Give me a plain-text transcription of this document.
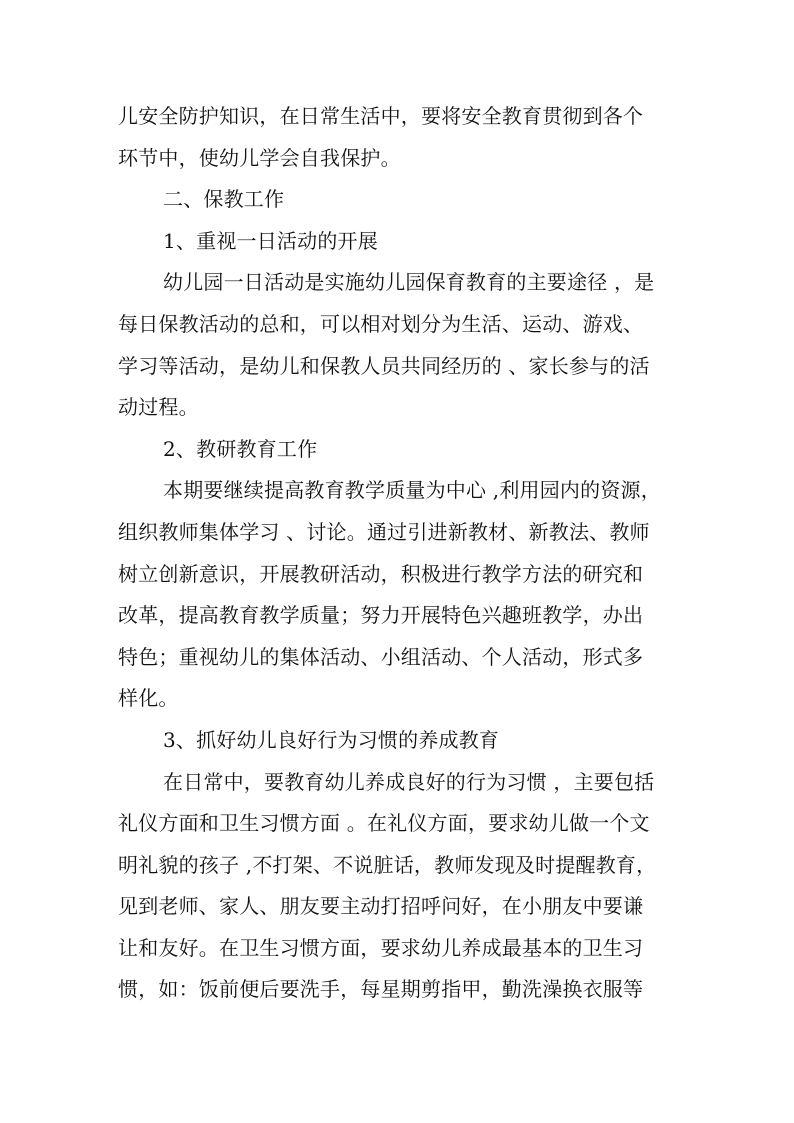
儿安全防护知识，在日常生活中，要将安全教育贯彻到各个
环节中，使幼儿学会自我保护。
二、保教工作
1、重视一日活动的开展
幼儿园一日活动是实施幼儿园保育教育的主要途径 ，是
每日保教活动的总和，可以相对划分为生活、运动、游戏、
学习等活动，是幼儿和保教人员共同经历的 、家长参与的活
动过程。
2、教研教育工作
本期要继续提高教育教学质量为中心 ,利用园内的资源，
组织教师集体学习 、讨论。通过引进新教材、新教法、教师
树立创新意识，开展教研活动，积极进行教学方法的研究和
改革，提高教育教学质量；努力开展特色兴趣班教学，办出
特色；重视幼儿的集体活动、小组活动、个人活动，形式多
样化。
3、抓好幼儿良好行为习惯的养成教育
在日常中，要教育幼儿养成良好的行为习惯 ，主要包括
礼仪方面和卫生习惯方面 。在礼仪方面，要求幼儿做一个文
明礼貌的孩子 ,不打架、不说脏话，教师发现及时提醒教育，
见到老师、家人、朋友要主动打招呼问好，在小朋友中要谦
让和友好。在卫生习惯方面，要求幼儿养成最基本的卫生习
惯，如：饭前便后要洗手，每星期剪指甲，勤洗澡换衣服等
